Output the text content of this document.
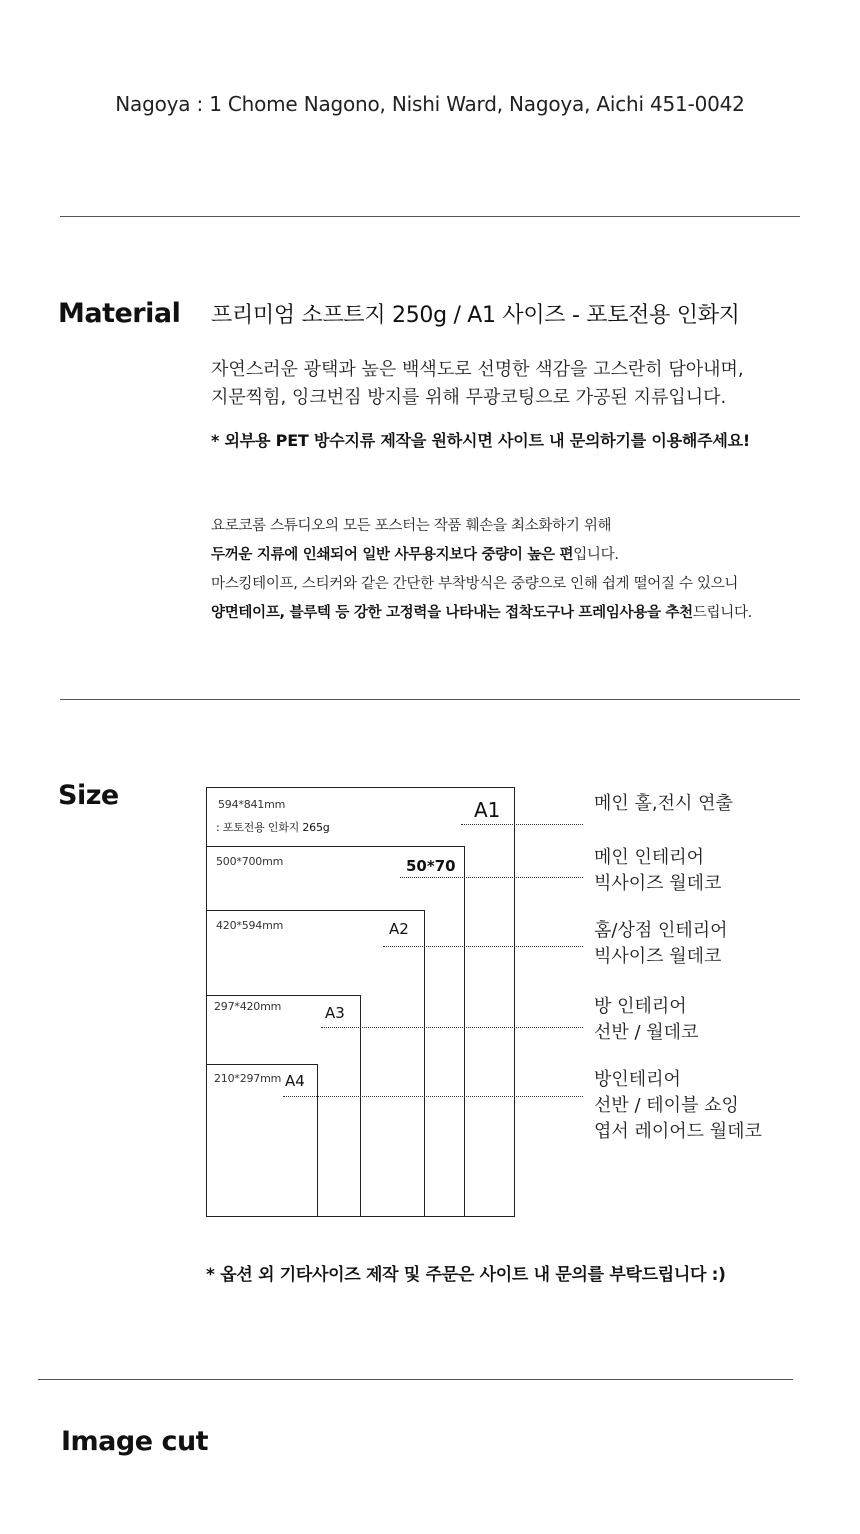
Nagoya : 1 Chome Nagono, Nishi Ward, Nagoya, Aichi 451-0042
Material 프리미엄 소프트지 250g / A1 사이즈 - 포토전용 인화지
자연스러운 광택과 높은 백색도로 선명한 색감을 고스란히 담아내며,
지문찍힘, 잉크번짐 방지를 위해 무광코팅으로 가공된 지류입니다.
* 외부용 PET 방수지류 제작을 원하시면 사이트 내 문의하기를 이용해주세요!
요로코롬 스튜디오의 모든 포스터는 작품 훼손을 최소화하기 위해
두꺼운 지류에 인쇄되어 일반 사무용지보다 중량이 높은 편입니다.
마스킹테이프, 스티커와 같은 간단한 부착방식은 중량으로 인해 쉽게 떨어질 수 있으니
양면테이프, 블루텍 등 강한 고정력을 나타내는 접착도구나 프레임사용을 추천드립니다.
Size	594*841mm
: 포토전용 인화지 265g
A1	메인 홀,전시 연출
500*700mm	50*70	메인 인테리어
빅사이즈 월데코
420*594mm	A2	홈/상점 인테리어
빅사이즈 월데코
297*420mm	A3	방 인테리어
선반 / 월데코
210*297mm A4	방인테리어
선반 / 테이블 쇼잉
엽서 레이어드 월데코
* 옵션 외 기타사이즈 제작 및 주문은 사이트 내 문의를 부탁드립니다 :)
Image cut
